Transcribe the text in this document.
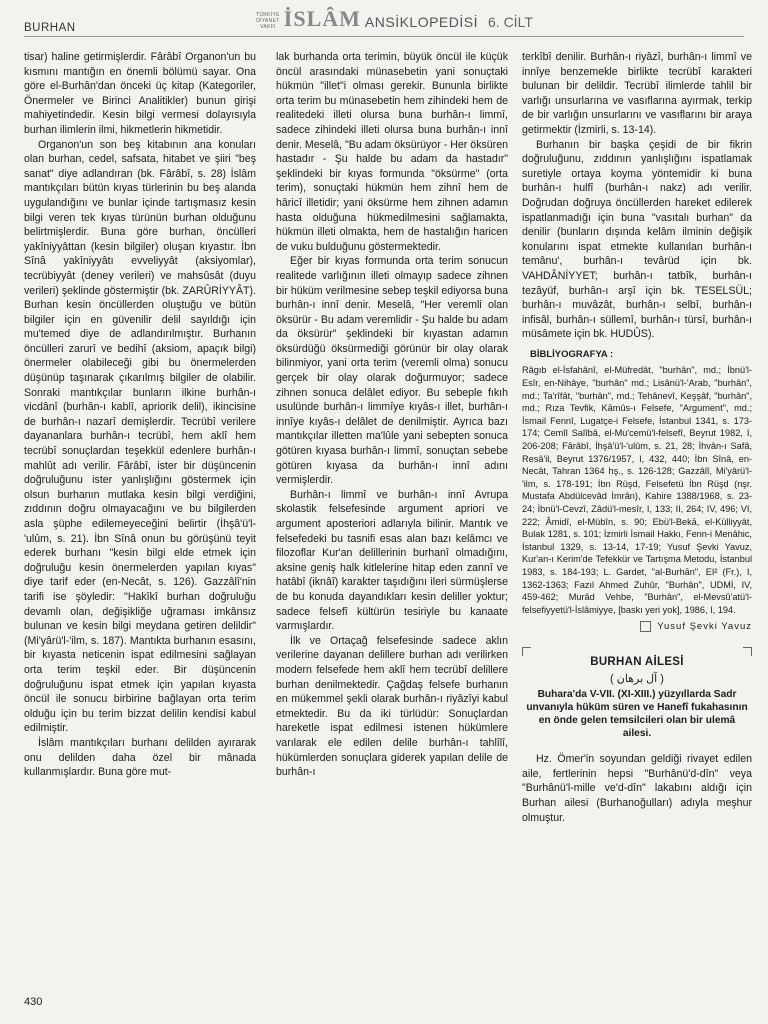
BURHAN
TÜRKİYE
DİYANET
VAKFI İSLÂM ANSİKLOPEDİSİ 6. CİLT

tisar) haline getirmişlerdir. Fârâbî Organon'un bu kısmını mantığın en önemli bölümü sayar. Ona göre el-Burhân'dan önceki üç kitap (Kategoriler, Önermeler ve Birinci Analitikler) bunun girişi mahiyetindedir. Kesin bilgi vermesi dolayısıyla burhan ilimlerin ilmi, hikmetlerin hikmetidir.

Organon'un son beş kitabının ana konuları olan burhan, cedel, safsata, hitabet ve şiiri "beş sanat" diye adlandıran (bk. Fârâbî, s. 28) İslâm mantıkçıları bütün kıyas türlerinin bu beş alanda uygulandığını ve bunlar içinde tartışmasız kesin bilgi veren tek kıyas türünün burhan olduğunu belirtmişlerdir. Buna göre burhan, öncülleri yakîniyyâttan (kesin bilgiler) oluşan kıyastır. İbn Sînâ yakîniyyâtı evveliyyât (aksiyomlar), tecrübiyyât (deney verileri) ve mahsûsât (duyu verileri) şeklinde göstermiştir (bk. ZARÛRİYYÂT). Burhan kesin öncüllerden oluştuğu ve bütün bilgiler için en güvenilir delil sayıldığı için mu'temed diye de adlandırılmıştır. Burhanın öncülleri zarurî ve bedihî (aksiom, apaçık bilgi) önermeler olabileceği gibi bu önermelerden düşünüp taşınarak çıkarılmış bilgiler de olabilir. Sonraki mantıkçılar bunların ilkine burhân-ı vicdânî (burhân-ı kablî, apriorik delil), ikincisine de burhân-ı nazarî demişlerdir. Tecrübî verilere dayananlara burhân-ı tecrübî, hem aklî hem tecrübî sonuçlardan teşekkül edenlere burhân-ı mahlût adı verilir. Fârâbî, ister bir düşüncenin doğruluğunu ister yanlışlığını göstermek için olsun burhanın mutlaka kesin bilgi verdiğini, zıddının doğru olmayacağını ve bu bilgilerden asla şüphe edilemeyeceğini belirtir (İhşâ'ü'l-'ulûm, s. 21). İbn Sînâ onun bu görüşünü teyit ederek burhanı "kesin bilgi elde etmek için doğruluğu kesin önermelerden yapılan kıyas" diye tarif eder (en-Necât, s. 126). Gazzâlî'nin tarifi ise şöyledir: "Hakîkî burhan doğruluğu devamlı olan, değişikliğe uğraması imkânsız bulunan ve kesin bilgi meydana getiren delildir" (Mi'yârü'l-'ilm, s. 187). Mantıkta burhanın esasını, bir kıyasta neticenin ispat edilmesini sağlayan orta terim teşkil eder. Bir düşüncenin doğruluğunu ispat etmek için yapılan kıyasta öncül ile sonucu birbirine bağlayan orta terim olduğu için bu terim bizzat delilin kendisi kabul edilmiştir.

İslâm mantıkçıları burhanı delilden ayırarak onu delilden daha özel bir mânada kullanmışlardır. Buna göre mut-

lak burhanda orta terimin, büyük öncül ile küçük öncül arasındaki münasebetin yani sonuçtaki hükmün "illet"i olması gerekir. Bununla birlikte orta terim bu münasebetin hem zihindeki hem de realitedeki illeti olursa buna burhân-ı limmî, sadece zihindeki illeti olursa buna burhân-ı innî denir. Meselâ, "Bu adam öksürüyor - Her öksüren hastadır - Şu halde bu adam da hastadır" şeklindeki bir kıyas formunda "öksürme" (orta terim), sonuçtaki hükmün hem zihnî hem de hâricî illetidir; yani öksürme hem zihnen adamın hasta olduğuna hükmedilmesini sağlamakta, hükmün illeti olmakta, hem de hastalığın haricen de vuku bulduğunu göstermektedir.

Eğer bir kıyas formunda orta terim sonucun realitede varlığının illeti olmayıp sadece zihnen bir hüküm verilmesine sebep teşkil ediyorsa buna burhân-ı innî denir. Meselâ, "Her veremli olan öksürür - Bu adam veremlidir - Şu halde bu adam da öksürür" şeklindeki bir kıyastan adamın öksürdüğü öksürmediği görünür bir olay olarak bilinmiyor, yani orta terim (veremli olma) sonucu gerçek bir olay olarak doğurmuyor; sadece zihnen sonuca delâlet ediyor. Bu sebeple fıkıh usulünde burhân-ı limmîye kıyâs-ı illet, burhân-ı innîye kıyâs-ı delâlet de denilmiştir. Ayrıca bazı mantıkçılar illetten ma'lûle yani sebepten sonuca götüren kıyasa burhân-ı limmî, sonuçtan sebebe götüren kıyasa da burhân-ı innî adını vermişlerdir.

Burhân-ı limmî ve burhân-ı innî Avrupa skolastik felsefesinde argument apriori ve argument aposteriori adlarıyla bilinir. Mantık ve felsefedeki bu tasnifi esas alan bazı kelâmcı ve filozoflar Kur'an delillerinin burhanî olmadığını, aksine geniş halk kitlelerine hitap eden zannî ve hatâbî (iknâî) karakter taşıdığını ileri sürmüşlerse de bu konuda dayandıkları kesin deliller yoktur; sadece felsefî kültürün tesiriyle bu kanaate varmışlardır.

İlk ve Ortaçağ felsefesinde sadece aklın verilerine dayanan delillere burhan adı verilirken modern felsefede hem aklî hem tecrübî delillere burhan denilmektedir. Çağdaş felsefe burhanın en mükemmel şekli olarak burhân-ı riyâzîyi kabul etmektedir. Bu da iki türlüdür: Sonuçlardan hareketle ispat edilmesi istenen hükümlere varılarak ele edilen delile burhân-ı tahlîlî, hükümlerden sonuçlara giderek yapılan delile de burhân-ı

terkîbî denilir. Burhân-ı riyâzî, burhân-ı limmî ve innîye benzemekle birlikte tecrübî karakteri bulunan bir delildir. Tecrübî ilimlerde tahlil bir varlığı unsurlarına ve vasıflarına ayırmak, terkip de bir varlığın unsurlarını ve vasıflarını bir araya getirmektir (İzmirli, s. 13-14).

Burhanın bir başka çeşidi de bir fikrin doğruluğunu, zıddının yanlışlığını ispatlamak suretiyle ortaya koyma yöntemidir ki buna burhân-ı hulfî (burhân-ı nakz) adı verilir. Doğrudan doğruya öncüllerden hareket edilerek ispatlanmadığı için buna "vasıtalı burhan" da denilir (bunların dışında kelâm ilminin değişik konularını ispat etmekte kullanılan burhân-ı temânu', burhân-ı tevârüd için bk. VAHDÂNİYYET; burhân-ı tatbîk, burhân-ı tezâyüf, burhân-ı arşî için bk. TESELSÜL; burhân-ı muvâzât, burhân-ı selbî, burhân-ı infisâl, burhân-ı süllemî, burhân-ı türsî, burhân-ı müsâmete için bk. HUDÛS).

BİBLİYOGRAFYA :
Râgıb el-İsfahânî, el-Müfredât, "burhân", md.; İbnü'l-Esîr, en-Nihâye, "burhân" md.; Lisânü'l-'Arab, "burhân", md.; Ta'rîfât, "burhân", md.; Tehânevî, Keşşâf, "burhân", md.; Rıza Tevfik, Kāmûs-ı Felsefe, "Argument", md.; İsmail Fennî, Lugatçe-i Felsefe, İstanbul 1341, s. 173-174; Cemîl Salîbâ, el-Mu'cemü'l-felsefî, Beyrut 1982, I, 206-208; Fârâbî, İhşâ'ü'l-'ulûm, s. 21, 28; İhvân-ı Safâ, Resâ'il, Beyrut 1376/1957, I, 432, 440; İbn Sînâ, en-Necât, Tahran 1364 hş., s. 126-128; Gazzâlî, Mi'yârü'l-'ilm, s. 178-191; İbn Rüşd, Felsefetü İbn Rüşd (nşr. Mustafa Abdülcevâd İmrân), Kahire 1388/1968, s. 23-24; İbnü'l-Cevzî, Zâdü'l-mesîr, I, 133; II, 264; IV, 496; VI, 222; Âmidî, el-Mübîn, s. 90; Ebü'l-Bekā, el-Külliyyât, Bulak 1281, s. 101; İzmirli İsmail Hakkı, Fenn-i Menâhic, İstanbul 1329, s. 13-14, 17-19; Yusuf Şevki Yavuz, Kur'an-ı Kerim'de Tefekkür ve Tartışma Metodu, İstanbul 1983, s. 184-193; L. Gardet, "al-Burhān", EI² (Fr.), I, 1362-1363; Fazıl Ahmed Zuhûr, "Burhân", UDMİ, IV, 459-462; Murâd Vehbe, "Burhân", el-Mevsû'atü'l-felsefiyyetü'l-İslâmiyye, [baskı yeri yok], 1986, I, 194.
Yusuf Şevki Yavuz
BURHAN AİLESİ
( آل برهان )
Buhara'da V-VII. (XI-XIII.) yüzyıllarda Sadr unvanıyla hüküm süren ve Hanefî fukahasının en önde gelen temsilcileri olan bir ulemâ ailesi.

Hz. Ömer'in soyundan geldiği rivayet edilen aile, fertlerinin hepsi "Burhânü'd-dîn" veya "Burhânü'l-mille ve'd-dîn" lakabını aldığı için Burhan ailesi (Burhanoğulları) adıyla meşhur olmuştur.

430
